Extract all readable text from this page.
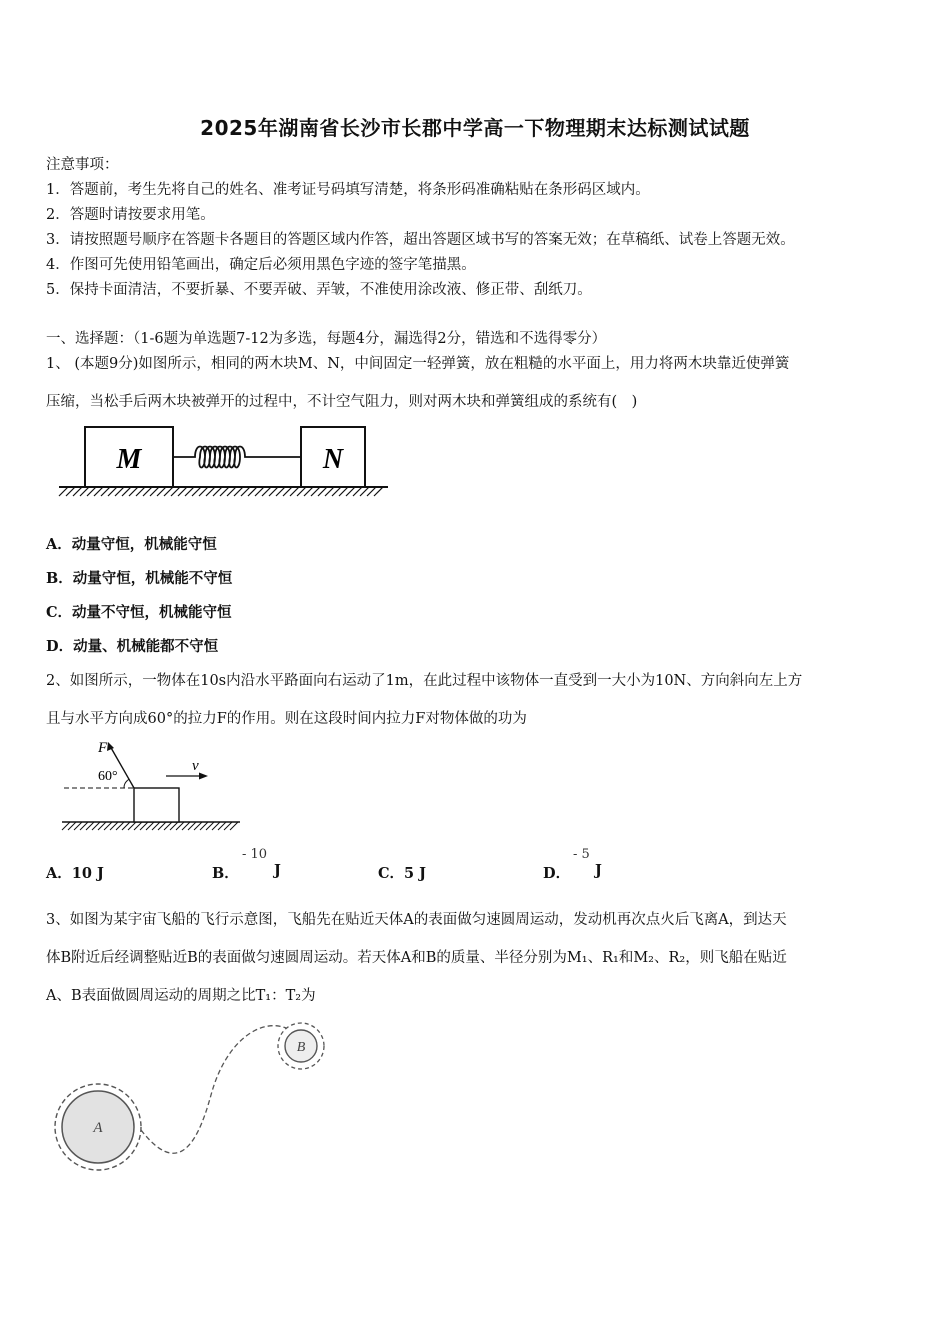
2025年湖南省长沙市长郡中学高一下物理期末达标测试试题
注意事项：
1．答题前，考生先将自己的姓名、准考证号码填写清楚，将条形码准确粘贴在条形码区域内。
2．答题时请按要求用笔。
3．请按照题号顺序在答题卡各题目的答题区域内作答，超出答题区域书写的答案无效；在草稿纸、试卷上答题无效。
4．作图可先使用铅笔画出，确定后必须用黑色字迹的签字笔描黑。
5．保持卡面清洁，不要折暴、不要弄破、弄皱，不准使用涂改液、修正带、刮纸刀。
一、选择题：（1-6题为单选题7-12为多选，每题4分，漏选得2分，错选和不选得零分）
1、 (本题9分)如图所示，相同的两木块M、N，中间固定一轻弹簧，放在粗糙的水平面上，用力将两木块靠近使弹簧
压缩，当松手后两木块被弹开的过程中，不计空气阻力，则对两木块和弹簧组成的系统有(　)
M	N
A．动量守恒，机械能守恒
B．动量守恒，机械能不守恒
C．动量不守恒，机械能守恒
D．动量、机械能都不守恒
2、如图所示，一物体在10s内沿水平路面向右运动了1m，在此过程中该物体一直受到一大小为10N、方向斜向左上方
且与水平方向成60°的拉力F的作用。则在这段时间内拉力F对物体做的功为
F
60°
v
A．10 J	B．
- 10
J	C．5 J	D．
- 5
J
3、如图为某宇宙飞船的飞行示意图，飞船先在贴近天体A的表面做匀速圆周运动，发动机再次点火后飞离A，到达天
体B附近后经调整贴近B的表面做匀速圆周运动。若天体A和B的质量、半径分别为M₁、R₁和M₂、R₂，则飞船在贴近
A、B表面做圆周运动的周期之比T₁：T₂为
A
B
